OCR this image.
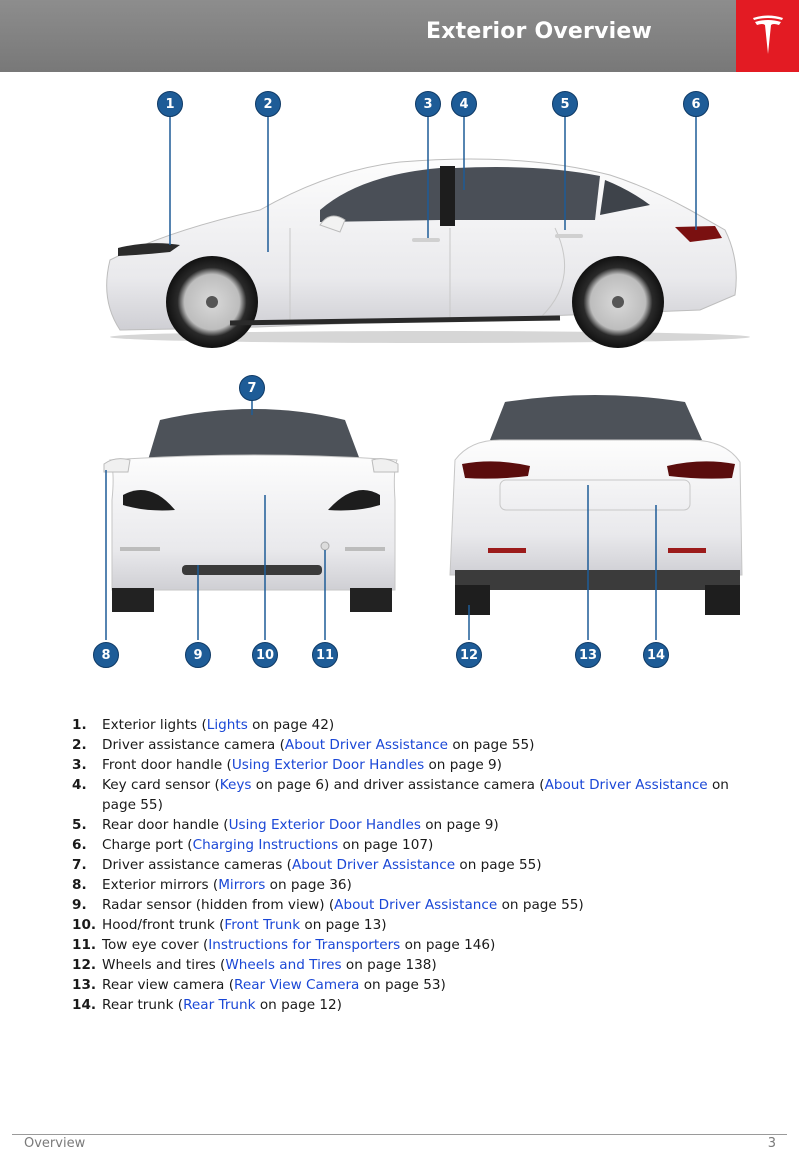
Exterior Overview
1	2	3	4	5	6
7
8	9	10	11	12	13	14
1.	Exterior lights (Lights on page 42)
2.	Driver assistance camera (About Driver Assistance on page 55)
3.	Front door handle (Using Exterior Door Handles on page 9)
4.	Key card sensor (Keys on page 6) and driver assistance camera (About Driver Assistance on page 55)
5.	Rear door handle (Using Exterior Door Handles on page 9)
6.	Charge port (Charging Instructions on page 107)
7.	Driver assistance cameras (About Driver Assistance on page 55)
8.	Exterior mirrors (Mirrors on page 36)
9.	Radar sensor (hidden from view) (About Driver Assistance on page 55)
10. Hood/front trunk (Front Trunk on page 13)
11. Tow eye cover (Instructions for Transporters on page 146)
12. Wheels and tires (Wheels and Tires on page 138)
13. Rear view camera (Rear View Camera on page 53)
14. Rear trunk (Rear Trunk on page 12)
Overview	3
